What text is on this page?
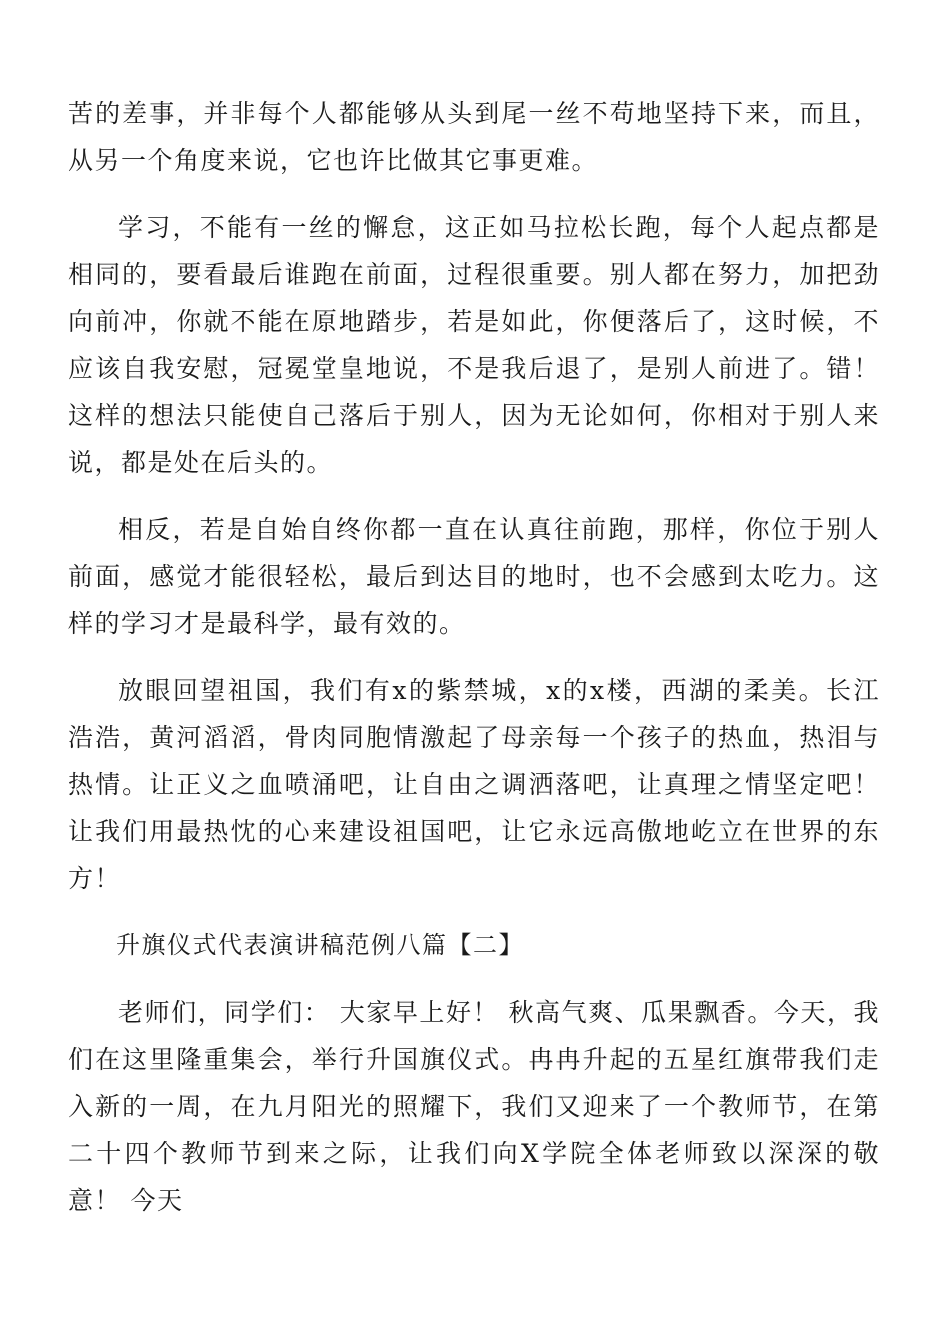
苦的差事，并非每个人都能够从头到尾一丝不苟地坚持下来，而且，从另一个角度来说，它也许比做其它事更难。

学习，不能有一丝的懈怠，这正如马拉松长跑，每个人起点都是相同的，要看最后谁跑在前面，过程很重要。别人都在努力，加把劲向前冲，你就不能在原地踏步，若是如此，你便落后了，这时候，不应该自我安慰，冠冕堂皇地说，不是我后退了，是别人前进了。错！这样的想法只能使自己落后于别人，因为无论如何，你相对于别人来说，都是处在后头的。

相反，若是自始自终你都一直在认真往前跑，那样，你位于别人前面，感觉才能很轻松，最后到达目的地时，也不会感到太吃力。这样的学习才是最科学，最有效的。

放眼回望祖国，我们有x的紫禁城，x的x楼，西湖的柔美。长江浩浩，黄河滔滔，骨肉同胞情激起了母亲每一个孩子的热血，热泪与热情。让正义之血喷涌吧，让自由之调洒落吧，让真理之情坚定吧！让我们用最热忱的心来建设祖国吧，让它永远高傲地屹立在世界的东方！

升旗仪式代表演讲稿范例八篇【二】

老师们，同学们： 大家早上好！ 秋高气爽、瓜果飘香。今天，我们在这里隆重集会，举行升国旗仪式。冉冉升起的五星红旗带我们走入新的一周，在九月阳光的照耀下，我们又迎来了一个教师节，在第二十四个教师节到来之际，让我们向X学院全体老师致以深深的敬意！ 今天
